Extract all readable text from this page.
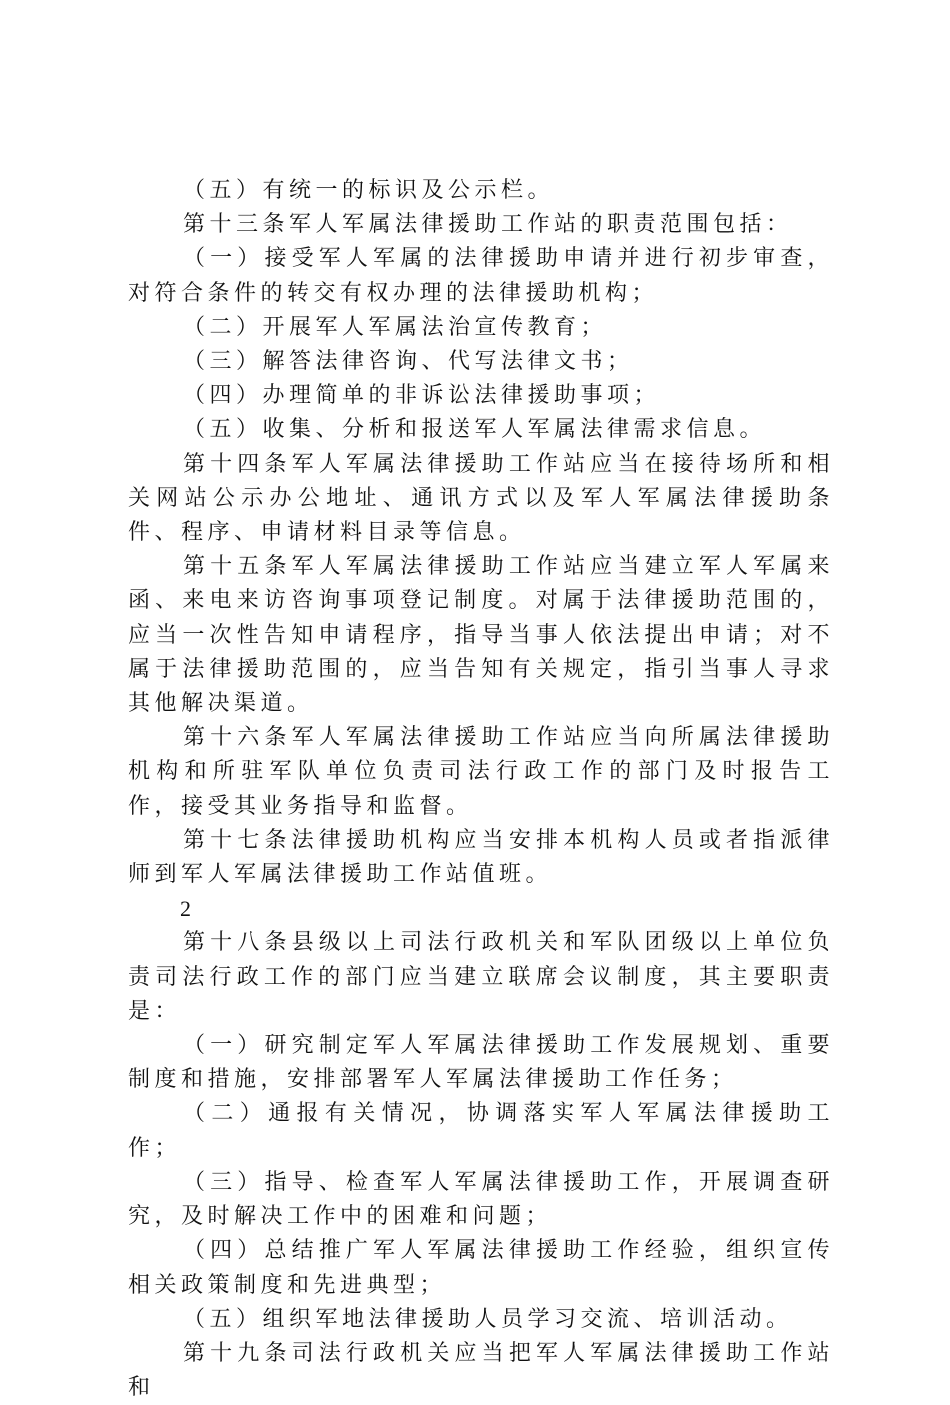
（五）有统一的标识及公示栏。

第十三条军人军属法律援助工作站的职责范围包括：

（一）接受军人军属的法律援助申请并进行初步审查，对符合条件的转交有权办理的法律援助机构；

（二）开展军人军属法治宣传教育；

（三）解答法律咨询、代写法律文书；

（四）办理简单的非诉讼法律援助事项；

（五）收集、分析和报送军人军属法律需求信息。

第十四条军人军属法律援助工作站应当在接待场所和相关网站公示办公地址、通讯方式以及军人军属法律援助条件、程序、申请材料目录等信息。

第十五条军人军属法律援助工作站应当建立军人军属来函、来电来访咨询事项登记制度。对属于法律援助范围的，应当一次性告知申请程序，指导当事人依法提出申请；对不属于法律援助范围的，应当告知有关规定，指引当事人寻求其他解决渠道。

第十六条军人军属法律援助工作站应当向所属法律援助机构和所驻军队单位负责司法行政工作的部门及时报告工作，接受其业务指导和监督。

第十七条法律援助机构应当安排本机构人员或者指派律师到军人军属法律援助工作站值班。

2

第十八条县级以上司法行政机关和军队团级以上单位负责司法行政工作的部门应当建立联席会议制度，其主要职责是：

（一）研究制定军人军属法律援助工作发展规划、重要制度和措施，安排部署军人军属法律援助工作任务；

（二）通报有关情况，协调落实军人军属法律援助工作；

（三）指导、检查军人军属法律援助工作，开展调查研究，及时解决工作中的困难和问题；

（四）总结推广军人军属法律援助工作经验，组织宣传相关政策制度和先进典型；

（五）组织军地法律援助人员学习交流、培训活动。

第十九条司法行政机关应当把军人军属法律援助工作站和
